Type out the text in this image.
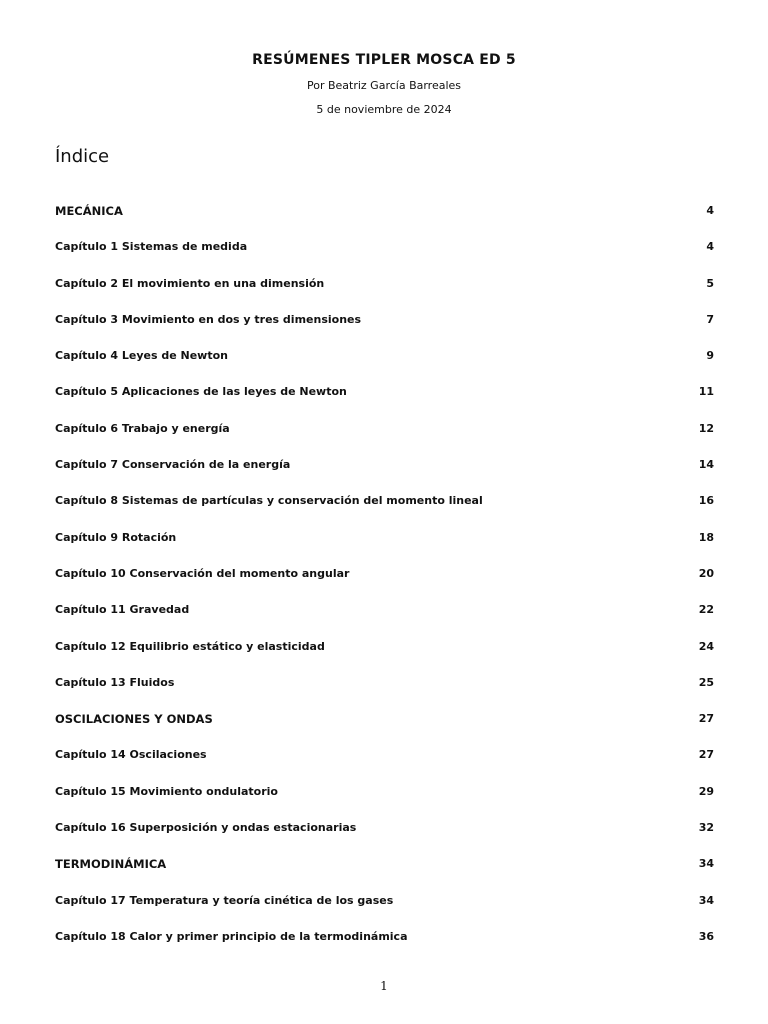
RESÚMENES TIPLER MOSCA ED 5

Por Beatriz García Barreales

5 de noviembre de 2024

Índice
MECÁNICA	4
Capítulo 1 Sistemas de medida	4
Capítulo 2 El movimiento en una dimensión	5
Capítulo 3 Movimiento en dos y tres dimensiones	7
Capítulo 4 Leyes de Newton	9
Capítulo 5 Aplicaciones de las leyes de Newton	11
Capítulo 6 Trabajo y energía	12
Capítulo 7 Conservación de la energía	14
Capítulo 8 Sistemas de partículas y conservación del momento lineal	16
Capítulo 9 Rotación	18
Capítulo 10 Conservación del momento angular	20
Capítulo 11 Gravedad	22
Capítulo 12 Equilibrio estático y elasticidad	24
Capítulo 13 Fluidos	25
OSCILACIONES Y ONDAS	27
Capítulo 14 Oscilaciones	27
Capítulo 15 Movimiento ondulatorio	29
Capítulo 16 Superposición y ondas estacionarias	32
TERMODINÁMICA	34
Capítulo 17 Temperatura y teoría cinética de los gases	34
Capítulo 18 Calor y primer principio de la termodinámica	36
1
